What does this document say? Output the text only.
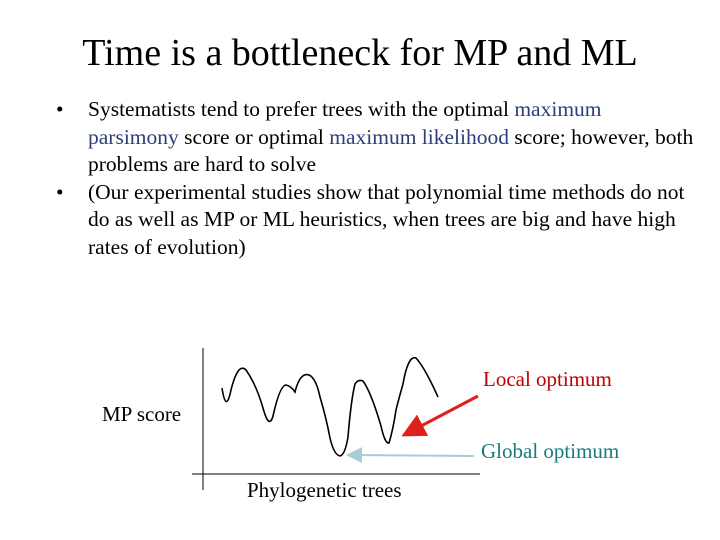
Time is a bottleneck for MP and ML
• Systematists tend to prefer trees with the optimal maximum parsimony score or optimal maximum likelihood score; however, both problems are hard to solve
• (Our experimental studies show that polynomial time methods do not do as well as MP or ML heuristics, when trees are big and have high rates of evolution)
MP score
Local optimum
Global optimum
Phylogenetic trees
